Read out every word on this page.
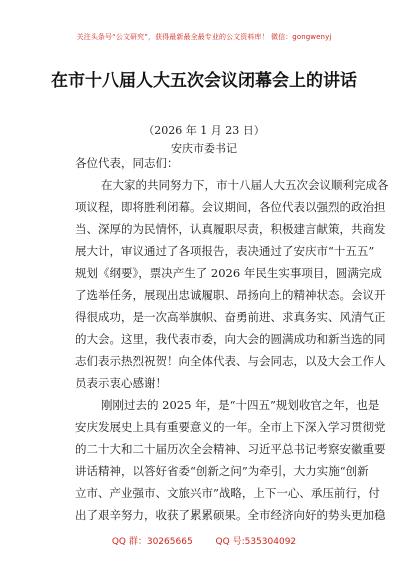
关注头条号“公文研究”，获得最新最全最专业的公文资料库！ 微信：gongwenyj
在市十八届人大五次会议闭幕会上的讲话
（2026 年 1 月 23 日）
安庆市委书记
各位代表，同志们：
在大家的共同努力下，市十八届人大五次会议顺利完成各
项议程，即将胜利闭幕。会议期间，各位代表以强烈的政治担
当、深厚的为民情怀，认真履职尽责，积极建言献策，共商发
展大计，审议通过了各项报告，表决通过了安庆市“十五五”
规划《纲要》，票决产生了 2026 年民生实事项目，圆满完成
了选举任务，展现出忠诚履职、昂扬向上的精神状态。会议开
得很成功，是一次高举旗帜、奋勇前进、求真务实、风清气正
的大会。这里，我代表市委，向大会的圆满成功和新当选的同
志们表示热烈祝贺！向全体代表、与会同志，以及大会工作人
员表示衷心感谢！
刚刚过去的 2025 年，是“十四五”规划收官之年，也是
安庆发展史上具有重要意义的一年。全市上下深入学习贯彻党
的二十大和二十届历次全会精神、习近平总书记考察安徽重要
讲话精神，以答好省委“创新之问”为牵引，大力实施“创新
立市、产业强市、文旅兴市”战略，上下一心、承压前行，付
出了艰辛努力，收获了累累硕果。全市经济向好的势头更加稳
QQ 群：30265665	QQ 号:535304092
